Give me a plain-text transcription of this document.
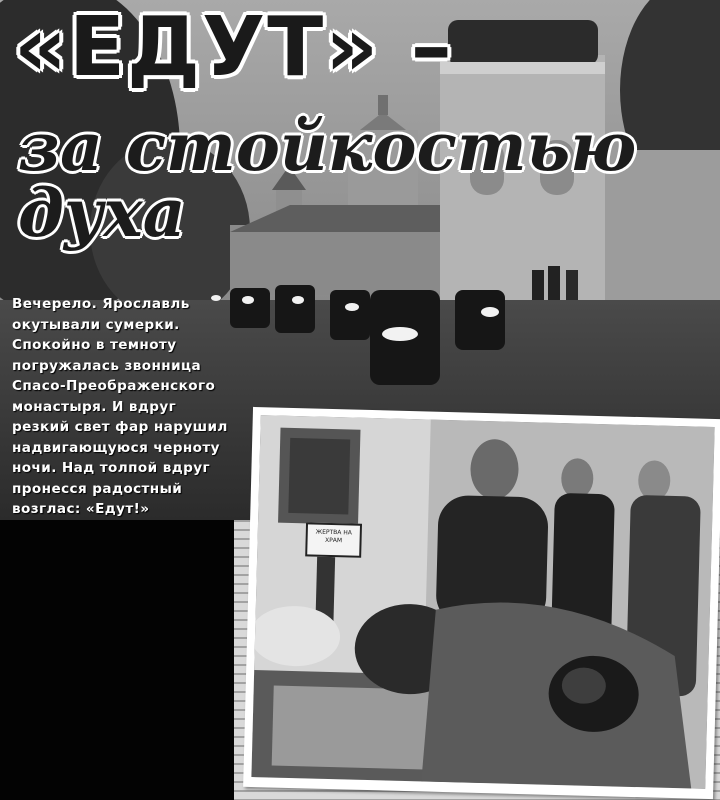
«ЕДУТ» –
за стойкостью
духа
Вечерело. Ярославль
окутывали сумерки.
Спокойно в темноту
погружалась звонница
Спасо-Преображенского
монастыря. И вдруг
резкий свет фар нарушил
надвигающуюся черноту
ночи. Над толпой вдруг
пронесся радостный
возглас: «Едут!»
ЖЕРТВА НА ХРАМ
